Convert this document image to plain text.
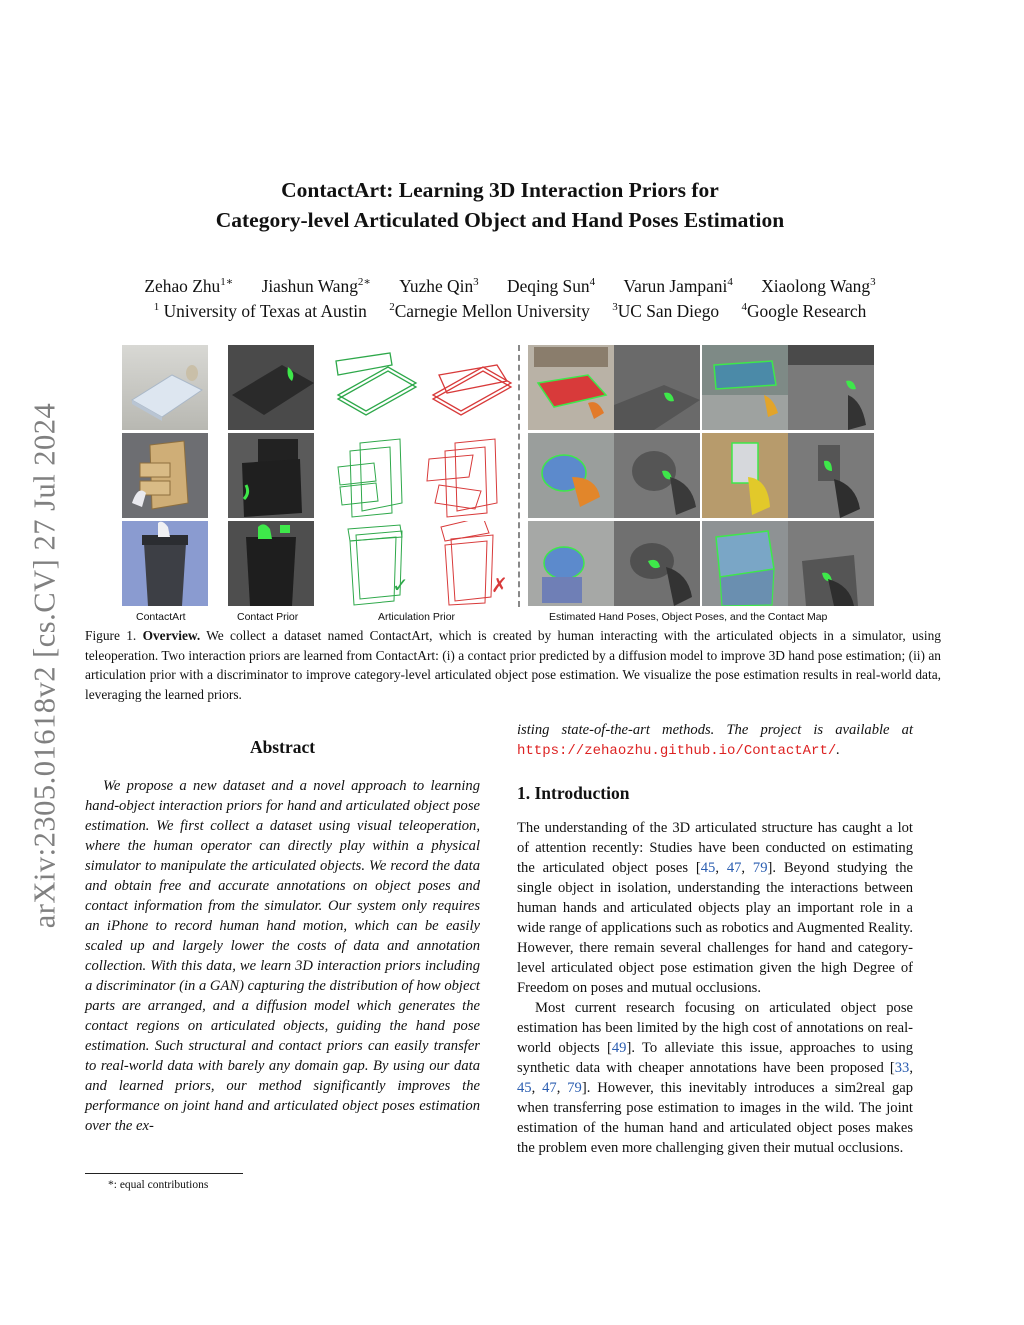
arXiv:2305.01618v2 [cs.CV] 27 Jul 2024
ContactArt: Learning 3D Interaction Priors for
Category-level Articulated Object and Hand Poses Estimation
Zehao Zhu$^{1∗}$ Jiashun Wang$^{2∗}$ Yuzhe Qin$^3$ Deqing Sun$^4$ Varun Jampani$^4$ Xiaolong Wang$^3$
$^1$ University of Texas at Austin $^2$Carnegie Mellon University $^3$UC San Diego $^4$Google Research
✓	✗
ContactArt	Contact Prior	Articulation Prior	Estimated Hand Poses, Object Poses, and the Contact Map
Figure 1. Overview. We collect a dataset named ContactArt, which is created by human interacting with the articulated objects in a simulator, using teleoperation. Two interaction priors are learned from ContactArt: (i) a contact prior predicted by a diffusion model to improve 3D hand pose estimation; (ii) an articulation prior with a discriminator to improve category-level articulated object pose estimation. We visualize the pose estimation results in real-world data, leveraging the learned priors.
Abstract

We propose a new dataset and a novel approach to learning hand-object interaction priors for hand and articulated object pose estimation. We first collect a dataset using visual teleoperation, where the human operator can directly play within a physical simulator to manipulate the articulated objects. We record the data and obtain free and accurate annotations on object poses and contact information from the simulator. Our system only requires an iPhone to record human hand motion, which can be easily scaled up and largely lower the costs of data and annotation collection. With this data, we learn 3D interaction priors including a discriminator (in a GAN) capturing the distribution of how object parts are arranged, and a diffusion model which generates the contact regions on articulated objects, guiding the hand pose estimation. Such structural and contact priors can easily transfer to real-world data with barely any domain gap. By using our data and learned priors, our method significantly improves the performance on joint hand and articulated object poses estimation over the ex-

isting state-of-the-art methods. The project is available at https://zehaozhu.github.io/ContactArt/.

1. Introduction

The understanding of the 3D articulated structure has caught a lot of attention recently: Studies have been conducted on estimating the articulated object poses [45, 47, 79]. Beyond studying the single object in isolation, understanding the interactions between human hands and articulated objects play an important role in a wide range of applications such as robotics and Augmented Reality. However, there remain several challenges for hand and category-level articulated object pose estimation given the high Degree of Freedom on poses and mutual occlusions.

Most current research focusing on articulated object pose estimation has been limited by the high cost of annotations on real-world objects [49]. To alleviate this issue, approaches to using synthetic data with cheaper annotations have been proposed [33, 45, 47, 79]. However, this inevitably introduces a sim2real gap when transferring pose estimation to images in the wild. The joint estimation of the human hand and articulated object poses makes the problem even more challenging given their mutual occlusions.

*: equal contributions
